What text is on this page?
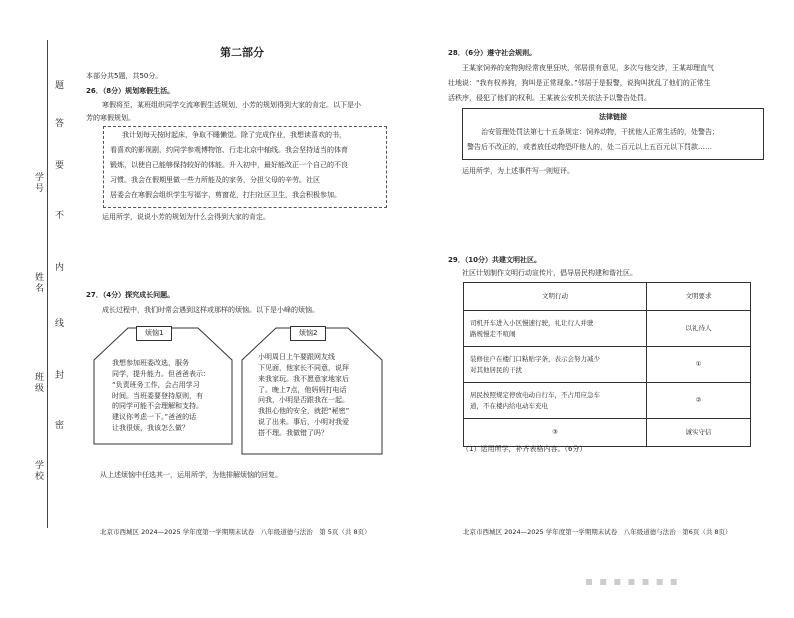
学校
班级
姓名
学号
密
封
线
内
不
要
答
题
第二部分
本部分共5题，共50分。
26．（8分）规划寒假生活。
寒假将至，某班组织同学交流寒假生活规划，小芳的规划得到大家的肯定。以下是小
芳的寒假规划。
我计划每天按时起床，争取不睡懒觉。除了完成作业，我想读喜欢的书，
看喜欢的影视剧，约同学参观博物馆、行走北京中轴线。我会坚持适当的体育
锻炼，以使自己能够保持较好的体能。升入初中，最好能改正一个自己的不良
习惯。我会在假期里做一些力所能及的家务，分担父母的辛劳。社区
居委会在寒假会组织学生写福字、剪窗花，打扫社区卫生，我会积极参加。
运用所学，说说小芳的规划为什么会得到大家的肯定。
27．（4分）探究成长问题。
成长过程中，我们时常会遇到这样或那样的烦恼。以下是小峰的烦恼。
烦恼1
我想参加班委改选，服务
同学，提升能力。但爸爸表示：
“负责班务工作，会占用学习
时间。当班委要登持原则，有
的同学可能不会理解和支持。
建议你考虑一下。”爸爸的话
让我很烦，我该怎么做？
烦恼2
小明周日上午要跟网友线
下见面，他家长不同意，说拜
来我家玩。我不愿意家地家后
了。晚上7点，他妈妈打电话
问我，小明是否跟我在一起。
我担心他的安全，就把“秘密”
说了出来。事后，小明对我爱
搭不理。我做错了吗？
从上述烦恼中任选其一，运用所学，为他排解烦恼的回复。
北京市西城区 2024—2025 学年度第一学期期末试卷　八年级道德与法治　第 5页（共 8页）
28．（6分）遵守社会规则。
王某家饲养的宠物狗经常夜里狂吠，邻居很有意见，多次与他交涉，王某却理直气
壮地说：“我有权养狗，狗叫是正常现象。”邻居于是报警，说狗叫扰乱了他们的正常生
活秩序，侵犯了他们的权利。王某被公安机关依法予以警告处罚。
法律链接
治安管理处罚法第七十五条规定：饲养动物，干扰他人正常生活的，处警告；
警告后不改正的，或者放任动物恐吓他人的，处二百元以上五百元以下罚款……
运用所学，为上述事件写一则短评。
29．（10分）共建文明社区。
社区计划制作文明行动宣传片，倡导居民构建和谐社区。
文明行动	文明要求

司机开车进入小区慢速行驶，礼让行人并驶
路规慢走不喧闹	以礼待人

装修住户在楼门口粘贴字条，表示会努力减少
对其他居民的干扰	①

居民按照规定停放电动自行车，不占用应急车
道，不在楼内给电动车充电	②
③	诚实守信
（1）运用所学，补齐表格内容。（6分）
▪▪▪▪▪▪▪
北京市西城区 2024—2025 学年度第一学期期末试卷　八年级道德与法治　第6页（共 8页）
